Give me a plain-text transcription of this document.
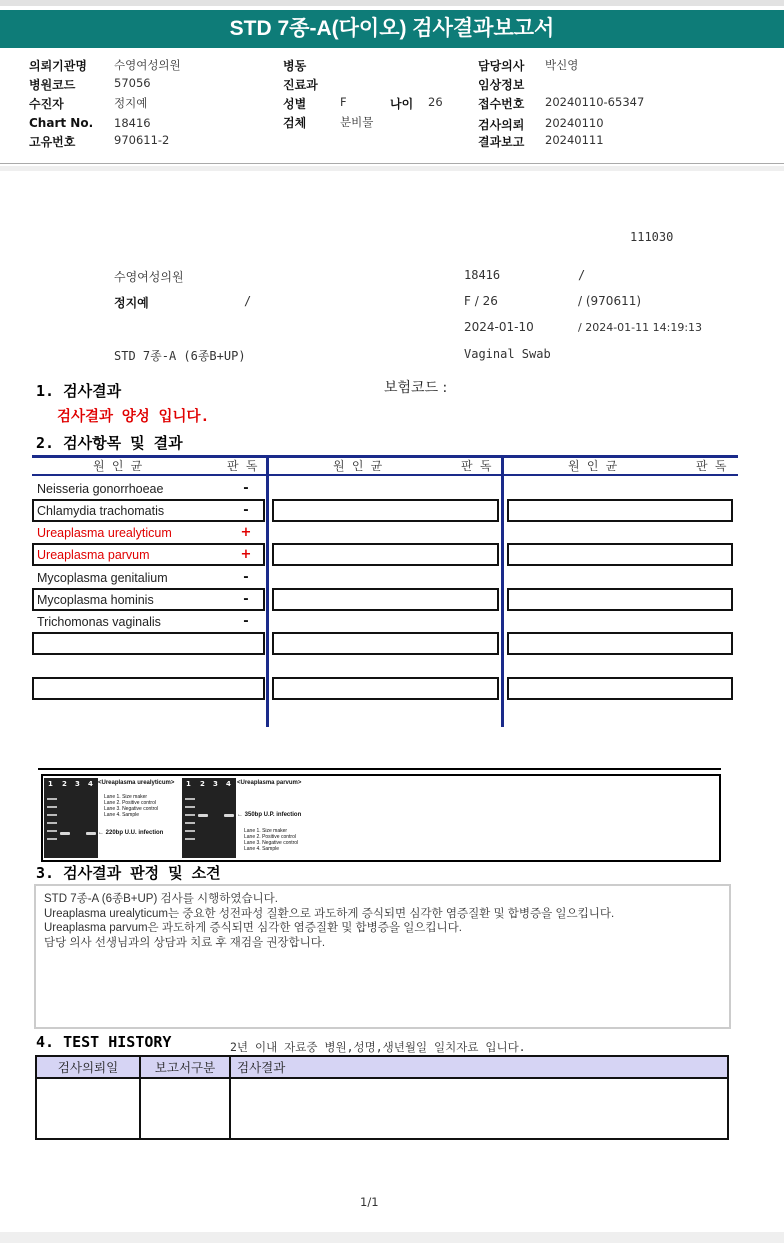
STD 7종-A(다이오) 검사결과보고서
의뢰기관명 수영여성의원
병원코드	57056
수진자	정지예
Chart No. 18416
고유번호	970611-2
병동
진료과
성별	F	나이 26
검체	분비물
담당의사 박신영
임상정보
접수번호 20240110-65347
검사의뢰 20240110
결과보고 20240111
111030
수영여성의원	18416	/
정지예	/	F / 26	/ (970611)
2024-01-10	/ 2024-01-11 14:19:13
STD 7종-A (6종B+UP)	Vaginal Swab
1. 검사결과	보험코드 :
검사결과 양성 입니다.
2. 검사항목 및 결과
원 인 균	판 독	원 인 균	판 독	원 인 균	판 독
Neisseria gonorrhoeae	-
Chlamydia trachomatis	-
Ureaplasma urealyticum	+
Ureaplasma parvum	+
Mycoplasma genitalium	-
Mycoplasma hominis	-
Trichomonas vaginalis	-
1 2 3 4 <Ureaplasma urealyticum>
Lane 1. Size maker
Lane 2. Positive control
Lane 3. Negative control
Lane 4. Sample
← 220bp U.U. infection
1 2 3 4 <Ureaplasma parvum>
← 350bp U.P. infection
Lane 1. Size maker
Lane 2. Positive control
Lane 3. Negative control
Lane 4. Sample
3. 검사결과 판정 및 소견
STD 7종-A (6종B+UP) 검사를 시행하였습니다.
Ureaplasma urealyticum는 중요한 성전파성 질환으로 과도하게 증식되면 심각한 염증질환 및 합병증을 일으킵니다.
Ureaplasma parvum은 과도하게 증식되면 심각한 염증질환 및 합병증을 일으킵니다.
담당 의사 선생님과의 상담과 치료 후 재검을 권장합니다.
4. TEST HISTORY	2년 이내 자료중 병원,성명,생년월일 일치자료 입니다.
검사의뢰일	보고서구분	검사결과

1/1
